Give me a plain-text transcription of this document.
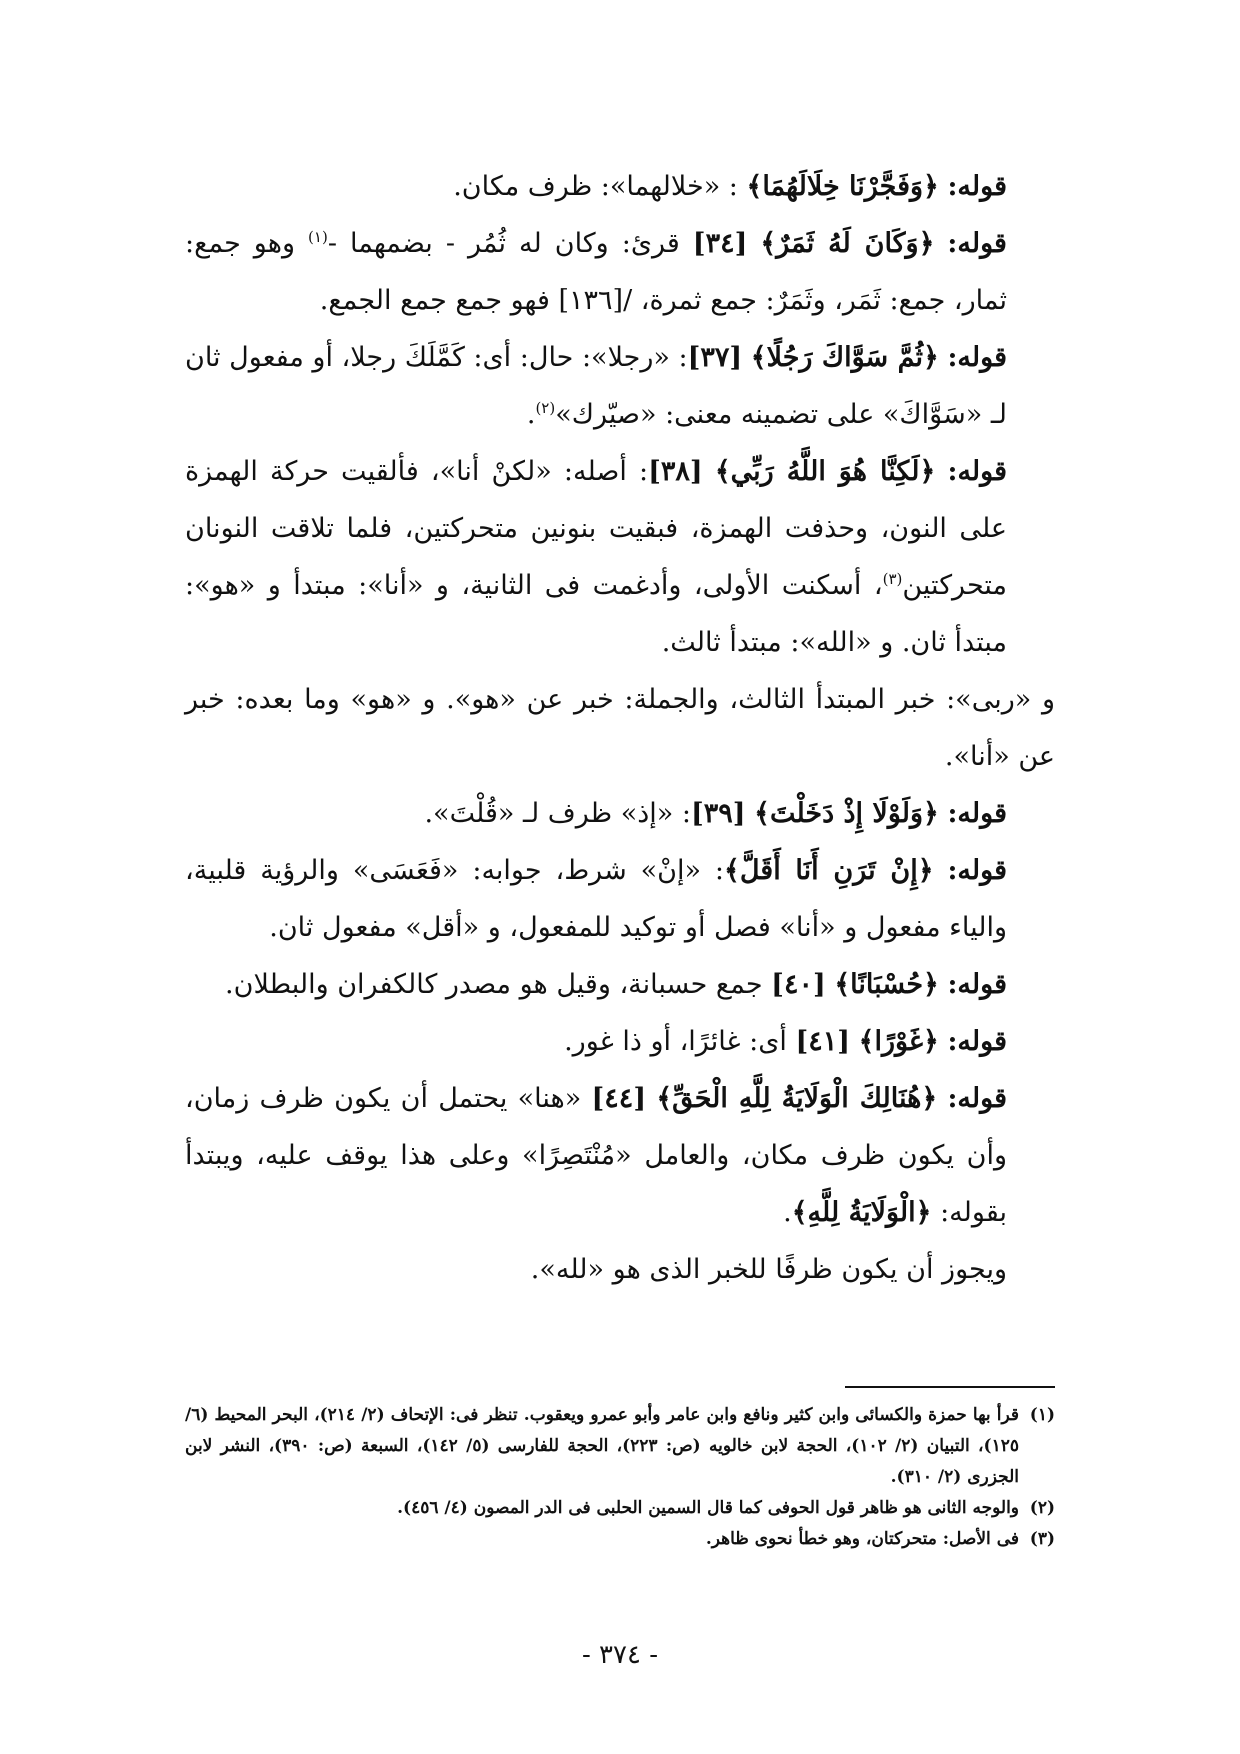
قوله: ﴿وَفَجَّرْنَا خِلَالَهُمَا﴾ : «خلالهما»: ظرف مكان.

قوله: ﴿وَكَانَ لَهُ ثَمَرٌ﴾ [٣٤] قرئ: وكان له ثُمُر - بضمهما -$^{(١)}$ وهو جمع: ثمار، جمع: ثَمَر، وثَمَرٌ: جمع ثمرة، /[١٣٦] فهو جمع جمع الجمع.

قوله: ﴿ثُمَّ سَوَّاكَ رَجُلًا﴾ [٣٧]: «رجلا»: حال: أى: كَمَّلَكَ رجلا، أو مفعول ثان لـ «سَوَّاكَ» على تضمينه معنى: «صيّرك»$^{(٢)}$.

قوله: ﴿لَكِنَّا هُوَ اللَّهُ رَبِّي﴾ [٣٨]: أصله: «لكنْ أنا»، فألقيت حركة الهمزة على النون، وحذفت الهمزة، فبقيت بنونين متحركتين، فلما تلاقت النونان متحركتين$^{(٣)}$، أسكنت الأولى، وأدغمت فى الثانية، و «أنا»: مبتدأ و «هو»: مبتدأ ثان. و «الله»: مبتدأ ثالث.

و «ربى»: خبر المبتدأ الثالث، والجملة: خبر عن «هو». و «هو» وما بعده: خبر عن «أنا».

قوله: ﴿وَلَوْلَا إِذْ دَخَلْتَ﴾ [٣٩]: «إذ» ظرف لـ «قُلْتَ».

قوله: ﴿إِنْ تَرَنِ أَنَا أَقَلَّ﴾: «إنْ» شرط، جوابه: «فَعَسَى» والرؤية قلبية، والياء مفعول و «أنا» فصل أو توكيد للمفعول، و «أقل» مفعول ثان.

قوله: ﴿حُسْبَانًا﴾ [٤٠] جمع حسبانة، وقيل هو مصدر كالكفران والبطلان.

قوله: ﴿غَوْرًا﴾ [٤١] أى: غائرًا، أو ذا غور.

قوله: ﴿هُنَالِكَ الْوَلَايَةُ لِلَّهِ الْحَقِّ﴾ [٤٤] «هنا» يحتمل أن يكون ظرف زمان، وأن يكون ظرف مكان، والعامل «مُنْتَصِرًا» وعلى هذا يوقف عليه، ويبتدأ بقوله: ﴿الْوَلَايَةُ لِلَّهِ﴾.

ويجوز أن يكون ظرفًا للخبر الذى هو «لله».

(١)
قرأ بها حمزة والكسائى وابن كثير ونافع وابن عامر وأبو عمرو ويعقوب. تنظر فى: الإتحاف (٢/ ٢١٤)، البحر المحيط (٦/ ١٢٥)، التبيان (٢/ ١٠٢)، الحجة لابن خالويه (ص: ٢٢٣)، الحجة للفارسى (٥/ ١٤٢)، السبعة (ص: ٣٩٠)، النشر لابن الجزرى (٢/ ٣١٠).
(٢)
والوجه الثانى هو ظاهر قول الحوفى كما قال السمين الحلبى فى الدر المصون (٤/ ٤٥٦).
(٣)
فى الأصل: متحركتان، وهو خطأ نحوى ظاهر.
- ٣٧٤ -
